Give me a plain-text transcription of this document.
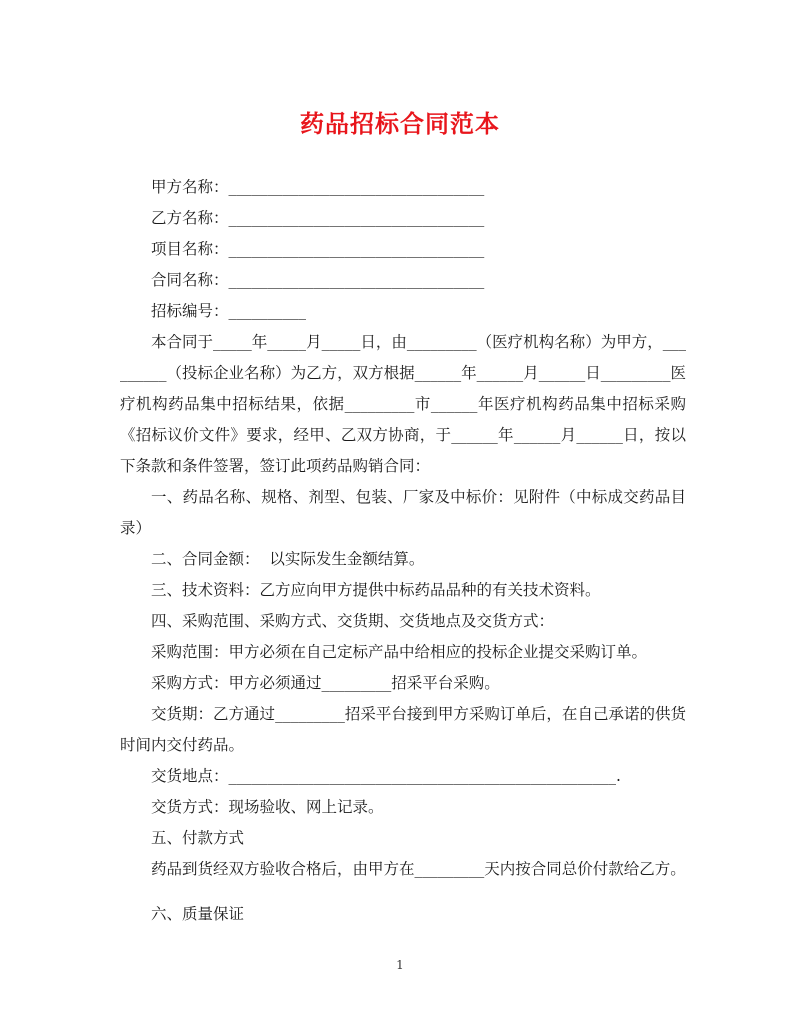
药品招标合同范本

甲方名称：_________________________________

乙方名称：_________________________________

项目名称：_________________________________

合同名称：_________________________________

招标编号：__________

本合同于_____年_____月_____日，由_________（医疗机构名称）为甲方，_________（投标企业名称）为乙方，双方根据______年______月______日_________医疗机构药品集中招标结果，依据_________市______年医疗机构药品集中招标采购《招标议价文件》要求，经甲、乙双方协商，于______年______月______日，按以下条款和条件签署，签订此项药品购销合同：

一、药品名称、规格、剂型、包装、厂家及中标价：见附件（中标成交药品目录）

二、合同金额：  以实际发生金额结算。

三、技术资料：乙方应向甲方提供中标药品品种的有关技术资料。

四、采购范围、采购方式、交货期、交货地点及交货方式：

采购范围：甲方必须在自己定标产品中给相应的投标企业提交采购订单。

采购方式：甲方必须通过_________招采平台采购。

交货期：乙方通过_________招采平台接到甲方采购订单后，在自己承诺的供货时间内交付药品。

交货地点：__________________________________________________.

交货方式：现场验收、网上记录。

五、付款方式

药品到货经双方验收合格后，由甲方在_________天内按合同总价付款给乙方。

六、质量保证

1
